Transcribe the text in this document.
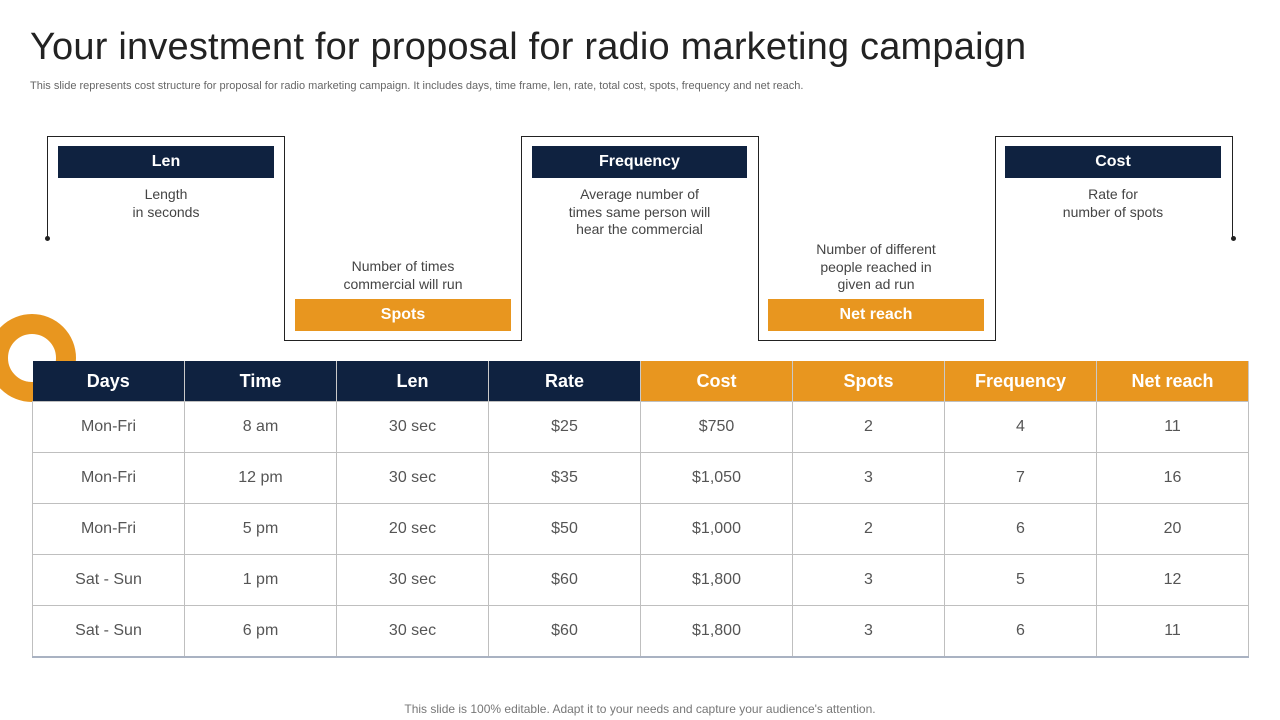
Your investment for proposal for radio marketing campaign
This slide represents cost structure for proposal for radio marketing campaign. It includes days, time frame, len, rate, total cost, spots, frequency and net reach.
Len
Length
in seconds
Frequency
Average number of
times same person will
hear the commercial
Cost
Rate for
number of spots
Number of times
commercial will run
Spots
Number of different
people reached in
given ad run
Net reach
Days	Time	Len	Rate	Cost	Spots	Frequency	Net reach
Mon-Fri	8 am	30 sec	$25	$750	2	4	11
Mon-Fri	12 pm	30 sec	$35	$1,050	3	7	16
Mon-Fri	5 pm	20 sec	$50	$1,000	2	6	20
Sat - Sun	1 pm	30 sec	$60	$1,800	3	5	12
Sat - Sun	6 pm	30 sec	$60	$1,800	3	6	11
This slide is 100% editable. Adapt it to your needs and capture your audience's attention.
